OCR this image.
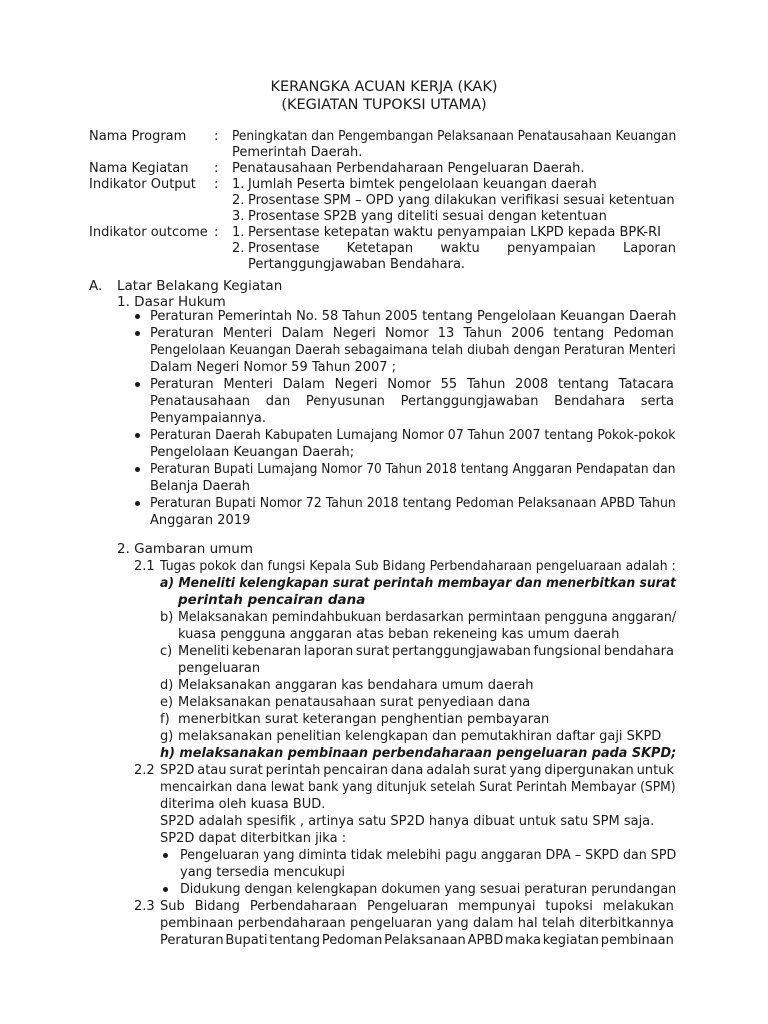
KERANGKA ACUAN KERJA (KAK)
(KEGIATAN TUPOKSI UTAMA)
Nama Program : Peningkatan dan Pengembangan Pelaksanaan Penatausahaan Keuangan
Pemerintah Daerah.
Nama Kegiatan : Penatausahaan Perbendaharaan Pengeluaran Daerah.
Indikator Output : 1. Jumlah Peserta bimtek pengelolaan keuangan daerah
2. Prosentase SPM – OPD yang dilakukan verifikasi sesuai ketentuan
3. Prosentase SP2B yang diteliti sesuai dengan ketentuan
Indikator outcome : 1. Persentase ketepatan waktu penyampaian LKPD kepada BPK-RI
2. Prosentase Ketetapan waktu penyampaian Laporan
Pertanggungjawaban Bendahara.
A. Latar Belakang Kegiatan
1. Dasar Hukum
Peraturan Pemerintah No. 58 Tahun 2005 tentang Pengelolaan Keuangan Daerah
Peraturan Menteri Dalam Negeri Nomor 13 Tahun 2006 tentang Pedoman
Pengelolaan Keuangan Daerah sebagaimana telah diubah dengan Peraturan Menteri
Dalam Negeri Nomor 59 Tahun 2007 ;
Peraturan Menteri Dalam Negeri Nomor 55 Tahun 2008 tentang Tatacara
Penatausahaan dan Penyusunan Pertanggungjawaban Bendahara serta
Penyampaiannya.
Peraturan Daerah Kabupaten Lumajang Nomor 07 Tahun 2007 tentang Pokok-pokok
Pengelolaan Keuangan Daerah;
Peraturan Bupati Lumajang Nomor 70 Tahun 2018 tentang Anggaran Pendapatan dan
Belanja Daerah
Peraturan Bupati Nomor 72 Tahun 2018 tentang Pedoman Pelaksanaan APBD Tahun
Anggaran 2019
2. Gambaran umum
2.1 Tugas pokok dan fungsi Kepala Sub Bidang Perbendaharaan pengeluaraan adalah :
a) Meneliti kelengkapan surat perintah membayar dan menerbitkan surat
perintah pencairan dana
b) Melaksanakan pemindahbukuan berdasarkan permintaan pengguna anggaran/
kuasa pengguna anggaran atas beban rekeneing kas umum daerah
c) Meneliti kebenaran laporan surat pertanggungjawaban fungsional bendahara
pengeluaran
d) Melaksanakan anggaran kas bendahara umum daerah
e) Melaksanakan penatausahaan surat penyediaan dana
f) menerbitkan surat keterangan penghentian pembayaran
g) melaksanakan penelitian kelengkapan dan pemutakhiran daftar gaji SKPD
h) melaksanakan pembinaan perbendaharaan pengeluaran pada SKPD;
2.2 SP2D atau surat perintah pencairan dana adalah surat yang dipergunakan untuk
mencairkan dana lewat bank yang ditunjuk setelah Surat Perintah Membayar (SPM)
diterima oleh kuasa BUD.
SP2D adalah spesifik , artinya satu SP2D hanya dibuat untuk satu SPM saja.
SP2D dapat diterbitkan jika :
Pengeluaran yang diminta tidak melebihi pagu anggaran DPA – SKPD dan SPD
yang tersedia mencukupi
Didukung dengan kelengkapan dokumen yang sesuai peraturan perundangan
2.3 Sub Bidang Perbendaharaan Pengeluaran mempunyai tupoksi melakukan
pembinaan perbendaharaan pengeluaran yang dalam hal telah diterbitkannya
Peraturan Bupati tentang Pedoman Pelaksanaan APBD maka kegiatan pembinaan
